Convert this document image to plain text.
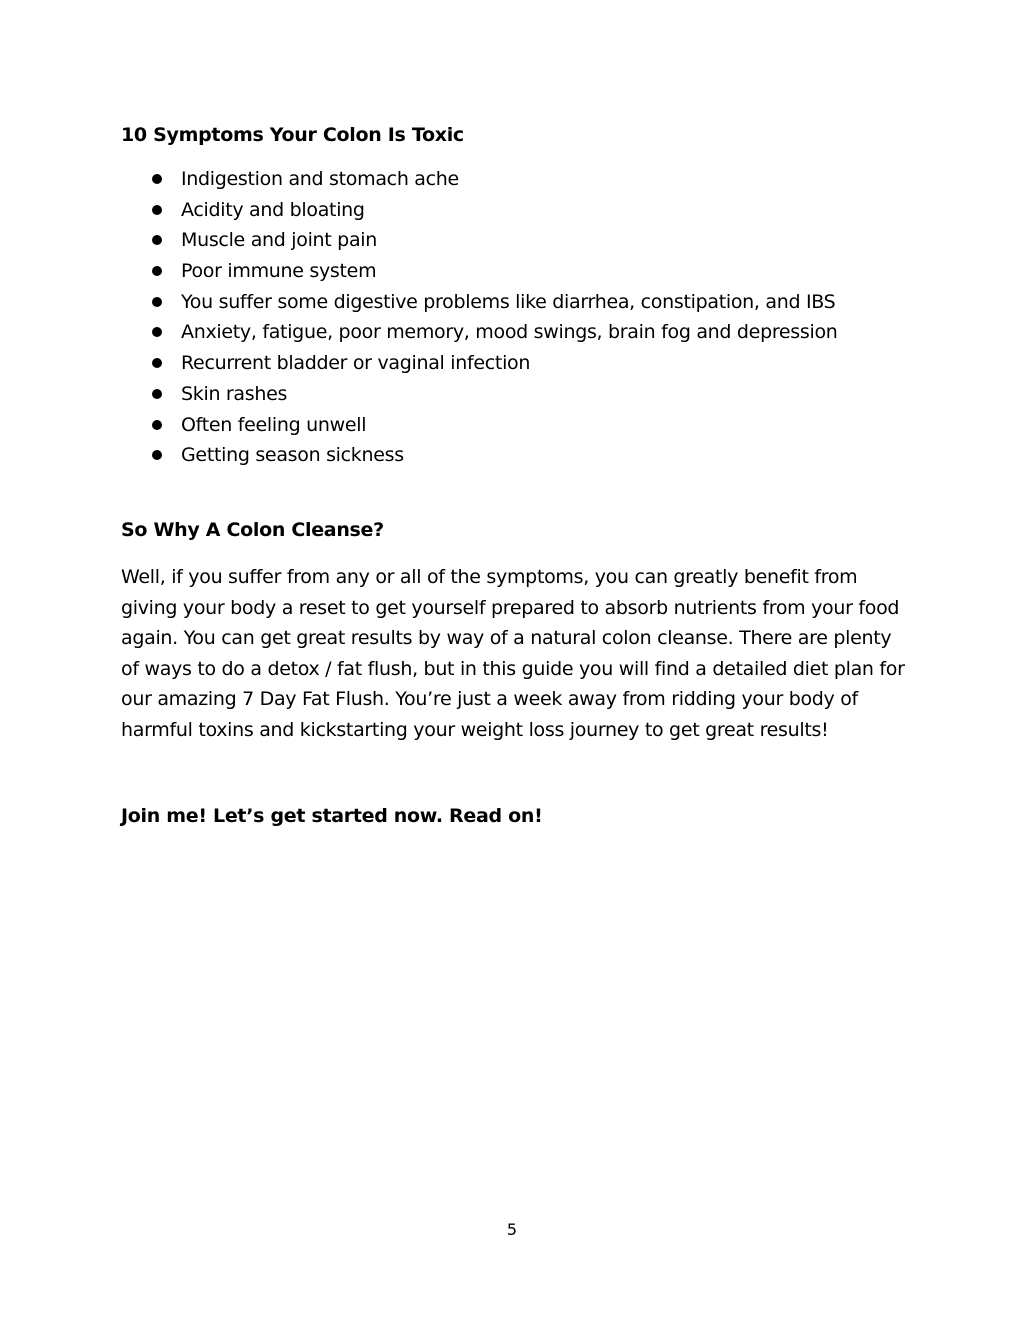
10 Symptoms Your Colon Is Toxic
Indigestion and stomach ache
Acidity and bloating
Muscle and joint pain
Poor immune system
You suffer some digestive problems like diarrhea, constipation, and IBS
Anxiety, fatigue, poor memory, mood swings, brain fog and depression
Recurrent bladder or vaginal infection
Skin rashes
Often feeling unwell
Getting season sickness
So Why A Colon Cleanse?

Well, if you suffer from any or all of the symptoms, you can greatly benefit from giving your body a reset to get yourself prepared to absorb nutrients from your food again. You can get great results by way of a natural colon cleanse. There are plenty of ways to do a detox / fat flush, but in this guide you will find a detailed diet plan for our amazing 7 Day Fat Flush. You’re just a week away from ridding your body of harmful toxins and kickstarting your weight loss journey to get great results!

Join me! Let’s get started now. Read on!
5
